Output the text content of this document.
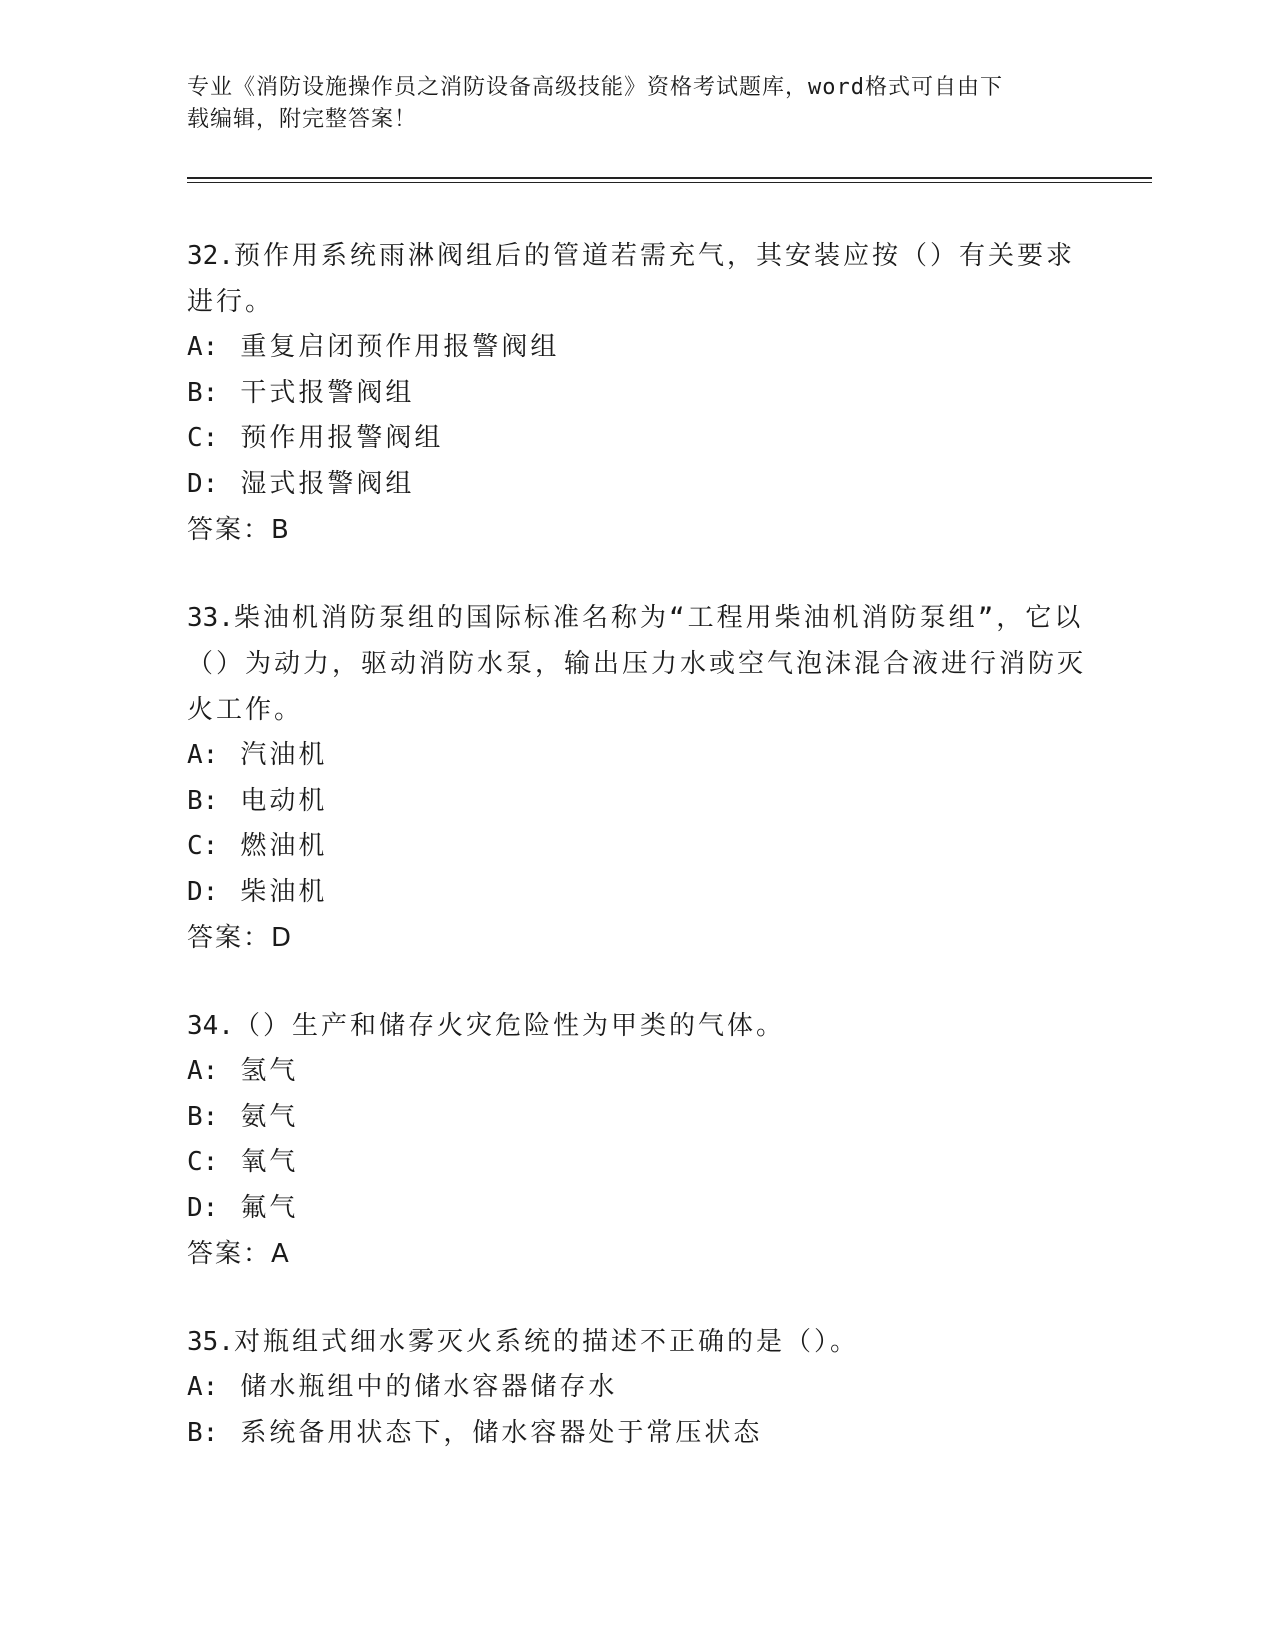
专业《消防设施操作员之消防设备高级技能》资格考试题库，word格式可自由下
载编辑，附完整答案！
32.预作用系统雨淋阀组后的管道若需充气，其安装应按（）有关要求进行。
A: 重复启闭预作用报警阀组
B: 干式报警阀组
C: 预作用报警阀组
D: 湿式报警阀组
答案：B
33.柴油机消防泵组的国际标准名称为“工程用柴油机消防泵组”，它以（）为动力，驱动消防水泵，输出压力水或空气泡沫混合液进行消防灭火工作。
A: 汽油机
B: 电动机
C: 燃油机
D: 柴油机
答案：D
34.（）生产和储存火灾危险性为甲类的气体。
A: 氢气
B: 氨气
C: 氧气
D: 氟气
答案：A
35.对瓶组式细水雾灭火系统的描述不正确的是（）。
A: 储水瓶组中的储水容器储存水
B: 系统备用状态下，储水容器处于常压状态
